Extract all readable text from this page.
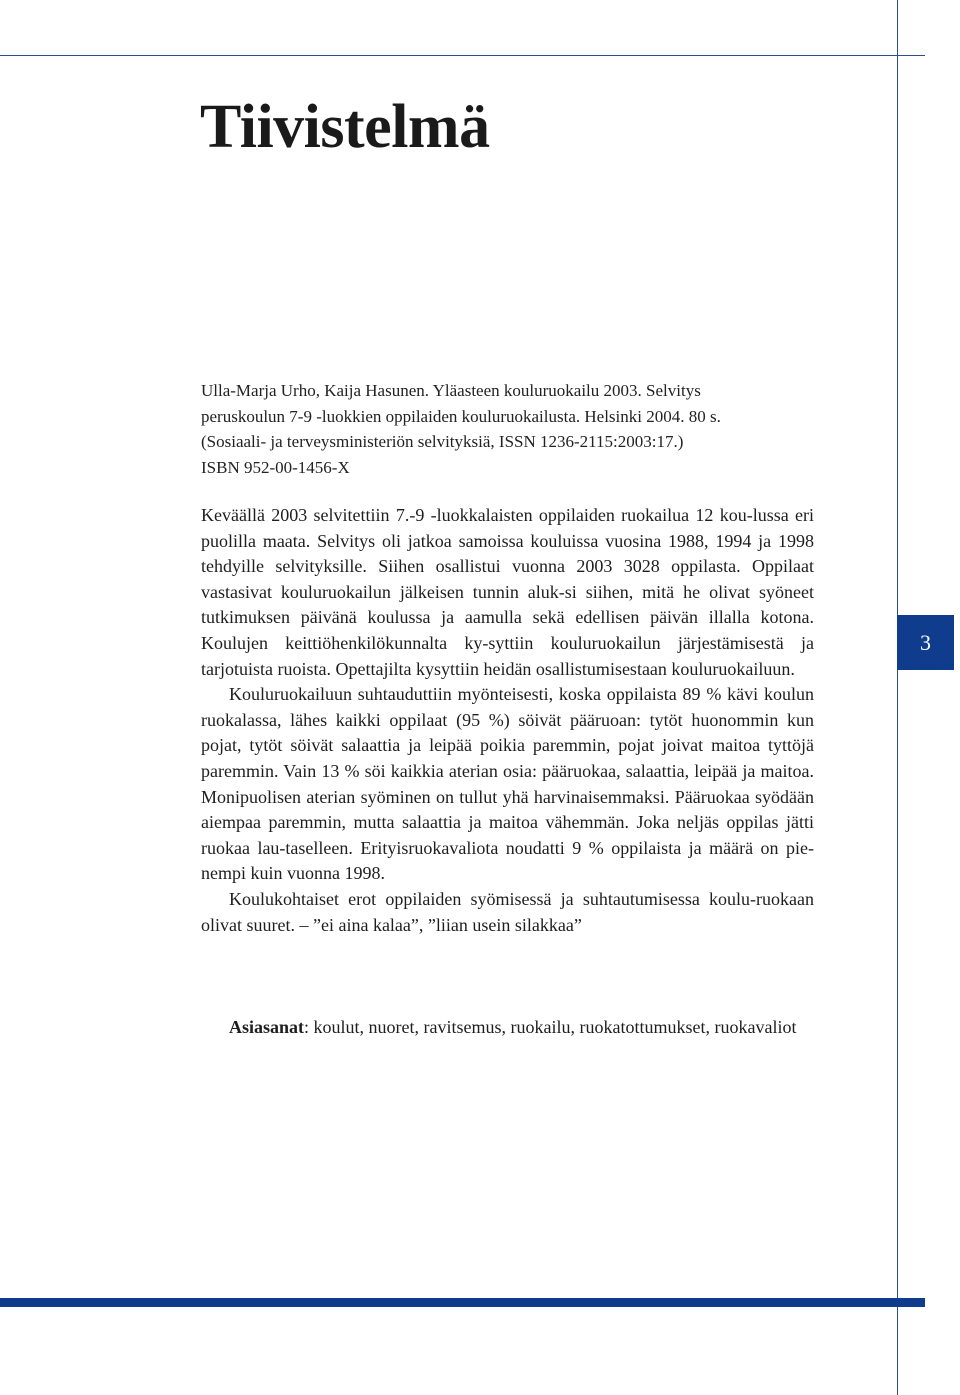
3
Tiivistelmä
Ulla-Marja Urho, Kaija Hasunen. Yläasteen kouluruokailu 2003. Selvitys
peruskoulun 7-9 -luokkien oppilaiden kouluruokailusta. Helsinki 2004. 80 s.
(Sosiaali- ja terveysministeriön selvityksiä, ISSN 1236-2115:2003:17.)
ISBN 952-00-1456-X

Keväällä 2003 selvitettiin 7.-9 -luokkalaisten oppilaiden ruokailua 12 kou-lussa eri puolilla maata. Selvitys oli jatkoa samoissa kouluissa vuosina 1988, 1994 ja 1998 tehdyille selvityksille. Siihen osallistui vuonna 2003 3028 oppilasta. Oppilaat vastasivat kouluruokailun jälkeisen tunnin aluk-si siihen, mitä he olivat syöneet tutkimuksen päivänä koulussa ja aamulla sekä edellisen päivän illalla kotona. Koulujen keittiöhenkilökunnalta ky-syttiin kouluruokailun järjestämisestä ja tarjotuista ruoista. Opettajilta kysyttiin heidän osallistumisestaan kouluruokailuun.

Kouluruokailuun suhtauduttiin myönteisesti, koska oppilaista 89 % kävi koulun ruokalassa, lähes kaikki oppilaat (95 %) söivät pääruoan: tytöt huonommin kun pojat, tytöt söivät salaattia ja leipää poikia paremmin, pojat joivat maitoa tyttöjä paremmin. Vain 13 % söi kaikkia aterian osia: pääruokaa, salaattia, leipää ja maitoa. Monipuolisen aterian syöminen on tullut yhä harvinaisemmaksi. Pääruokaa syödään aiempaa paremmin, mutta salaattia ja maitoa vähemmän. Joka neljäs oppilas jätti ruokaa lau-taselleen. Erityisruokavaliota noudatti 9 % oppilaista ja määrä on pie-nempi kuin vuonna 1998.

Koulukohtaiset erot oppilaiden syömisessä ja suhtautumisessa koulu-ruokaan olivat suuret. – ”ei aina kalaa”, ”liian usein silakkaa”

Asiasanat: koulut, nuoret, ravitsemus, ruokailu, ruokatottumukset, ruokavaliot
